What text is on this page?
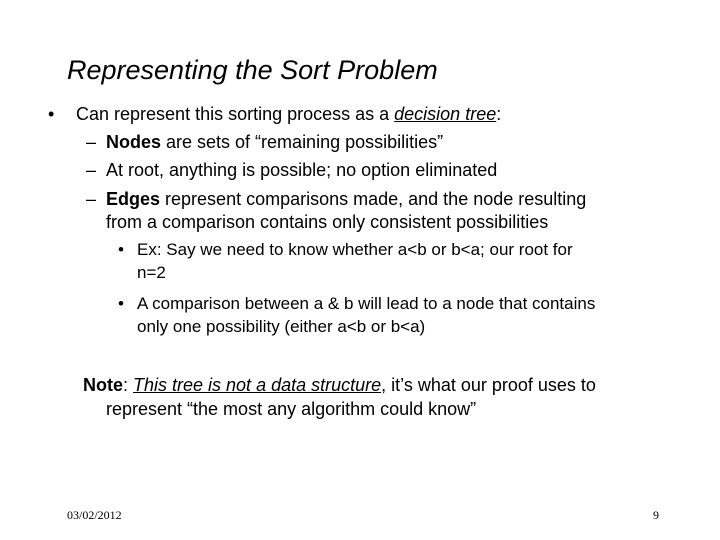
Representing the Sort Problem
• Can represent this sorting process as a decision tree:
– Nodes are sets of “remaining possibilities”
– At root, anything is possible; no option eliminated
– Edges represent comparisons made, and the node resulting
from a comparison contains only consistent possibilities
• Ex: Say we need to know whether a<b or b<a; our root for
n=2
• A comparison between a & b will lead to a node that contains
only one possibility (either a<b or b<a)
Note: This tree is not a data structure, it’s what our proof uses to
represent “the most any algorithm could know”
03/02/2012	9
